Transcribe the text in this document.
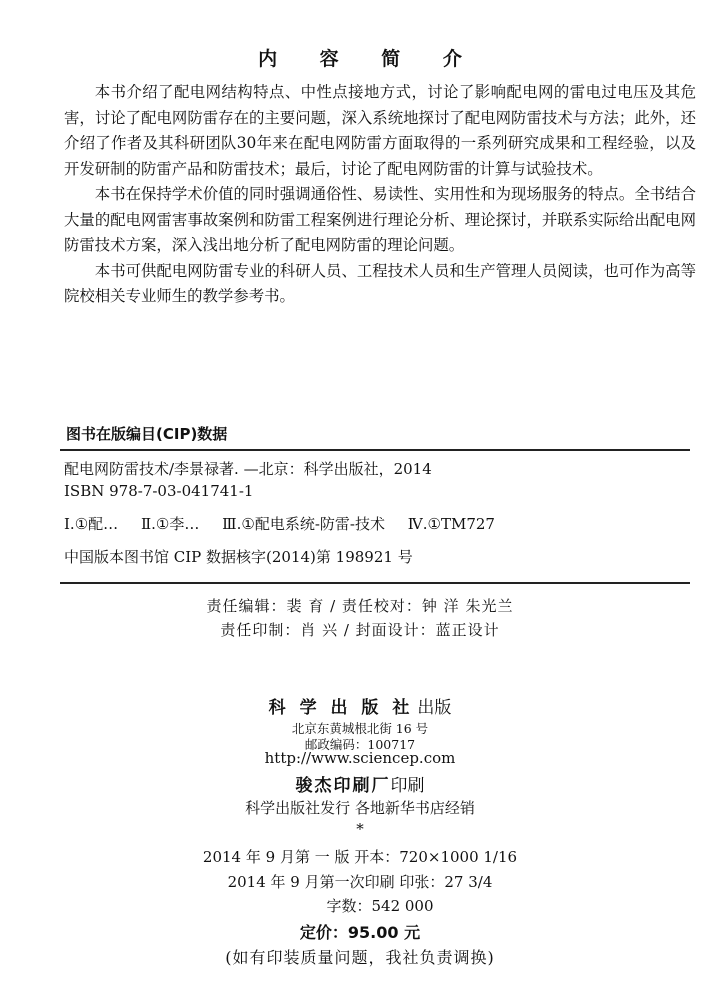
内 容 简 介

本书介绍了配电网结构特点、中性点接地方式，讨论了影响配电网的雷电过电压及其危害，讨论了配电网防雷存在的主要问题，深入系统地探讨了配电网防雷技术与方法；此外，还介绍了作者及其科研团队30年来在配电网防雷方面取得的一系列研究成果和工程经验，以及开发研制的防雷产品和防雷技术；最后，讨论了配电网防雷的计算与试验技术。

本书在保持学术价值的同时强调通俗性、易读性、实用性和为现场服务的特点。全书结合大量的配电网雷害事故案例和防雷工程案例进行理论分析、理论探讨，并联系实际给出配电网防雷技术方案，深入浅出地分析了配电网防雷的理论问题。

本书可供配电网防雷专业的科研人员、工程技术人员和生产管理人员阅读，也可作为高等院校相关专业师生的教学参考书。

图书在版编目(CIP)数据
配电网防雷技术/李景禄著. —北京：科学出版社，2014
ISBN 978-7-03-041741-1
Ⅰ.①配… Ⅱ.①李… Ⅲ.①配电系统-防雷-技术 Ⅳ.①TM727
中国版本图书馆 CIP 数据核字(2014)第 198921 号
责任编辑：裴 育 / 责任校对：钟 洋 朱光兰
责任印制：肖 兴 / 封面设计：蓝正设计
科 学 出 版 社 出版
北京东黄城根北街 16 号
邮政编码：100717
http://www.sciencep.com
骏杰印刷厂印刷
科学出版社发行 各地新华书店经销
*
2014 年 9 月第 一 版 开本：720×1000 1/16
2014 年 9 月第一次印刷 印张：27 3/4
字数：542 000
定价：95.00 元
(如有印装质量问题，我社负责调换)
